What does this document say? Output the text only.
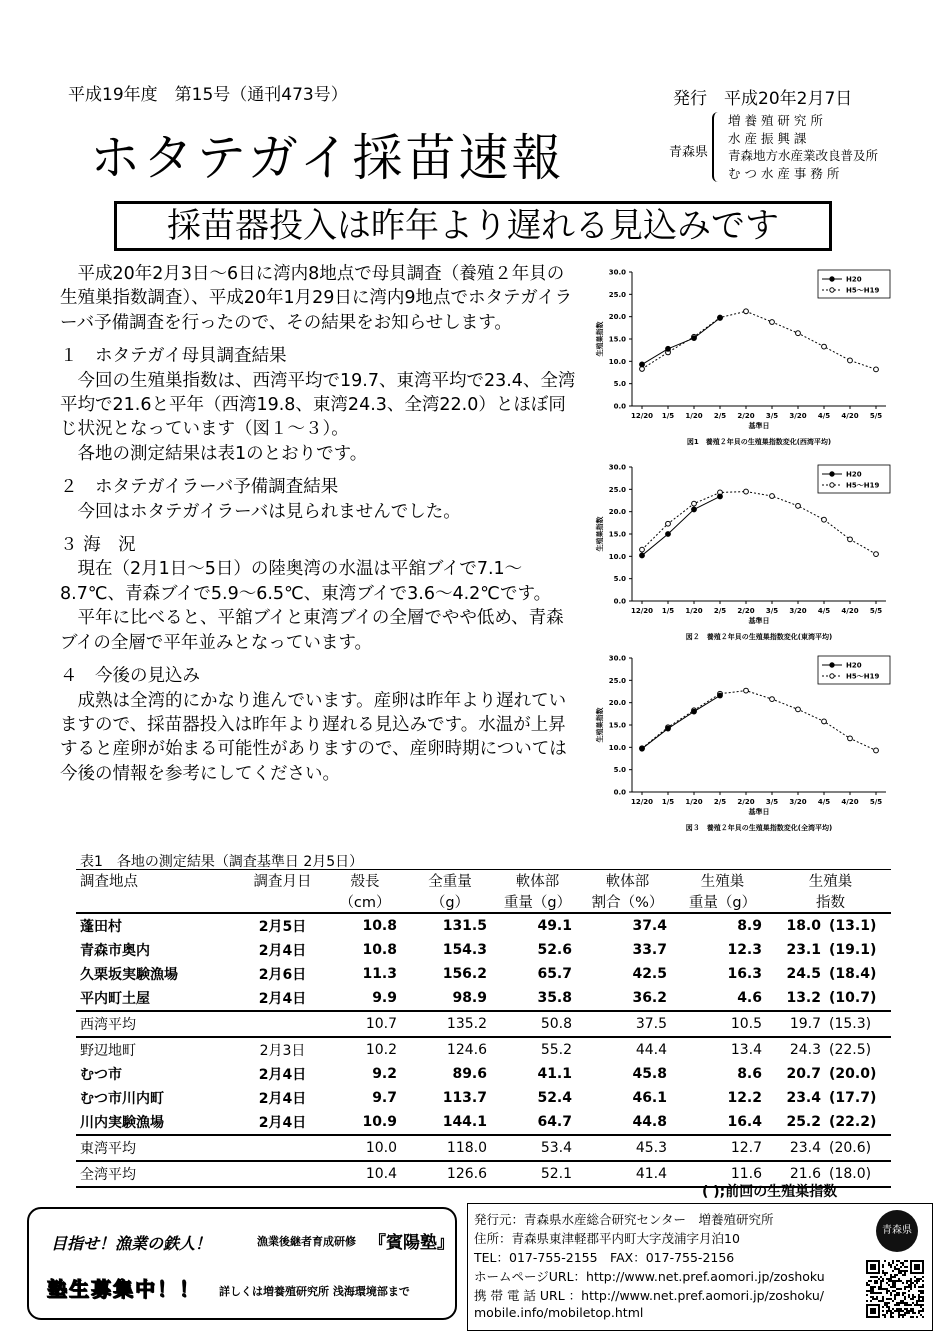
平成19年度　第15号（通刊473号）	発行　平成20年2月7日
ホタテガイ採苗速報	青森県
増 養 殖 研 究 所
水 産 振 興 課
青森地方水産業改良普及所
む つ 水 産 事 務 所
採苗器投入は昨年より遅れる見込みです

平成20年2月3日～6日に湾内8地点で母貝調査（養殖２年貝の生殖巣指数調査）、平成20年1月29日に湾内9地点でホタテガイラーバ予備調査を行ったので、その結果をお知らせします。

１　ホタテガイ母貝調査結果

今回の生殖巣指数は、西湾平均で19.7、東湾平均で23.4、全湾平均で21.6と平年（西湾19.8、東湾24.3、全湾22.0）とほぼ同じ状況となっています（図１～３）。

各地の測定結果は表1のとおりです。

２　ホタテガイラーバ予備調査結果

今回はホタテガイラーバは見られませんでした。

３ 海　況

現在（2月1日～5日）の陸奥湾の水温は平舘ブイで7.1～8.7℃、青森ブイで5.9～6.5℃、東湾ブイで3.6～4.2℃です。

平年に比べると、平舘ブイと東湾ブイの全層でやや低め、青森ブイの全層で平年並みとなっています。

４　今後の見込み

成熟は全湾的にかなり進んでいます。産卵は昨年より遅れていますので、採苗器投入は昨年より遅れる見込みです。水温が上昇すると産卵が始まる可能性がありますので、産卵時期については今後の情報を参考にしてください。

0.0
5.0
10.0
15.0
20.0
25.0
30.0
12/20 1/5 1/20 2/5 2/20 3/5 3/20 4/5 4/20 5/5
基準日
生殖巣指数
図1　養殖２年貝の生殖巣指数変化(西湾平均)
H20
H5～H19
0.0
5.0
10.0
15.0
20.0
25.0
30.0
12/20 1/5 1/20 2/5 2/20 3/5 3/20 4/5 4/20 5/5
基準日
生殖巣指数
図２　養殖２年貝の生殖巣指数変化(東湾平均)
H20
H5～H19
0.0
5.0
10.0
15.0
20.0
25.0
30.0
12/20 1/5 1/20 2/5 2/20 3/5 3/20 4/5 4/20 5/5
基準日
生殖巣指数
図３　養殖２年貝の生殖巣指数変化(全湾平均)
H20
H5～H19
表1　各地の測定結果（調査基準日 2月5日）
調査地点	調査月日	殻長	全重量	軟体部	軟体部	生殖巣	生殖巣	
		（cm）	（g）	重量（g）	割合（%）	重量（g）	指数	
蓬田村	2月5日	10.8	131.5	49.1	37.4	8.9	18.0	(13.1)
青森市奥内	2月4日	10.8	154.3	52.6	33.7	12.3	23.1	(19.1)
久栗坂実験漁場	2月6日	11.3	156.2	65.7	42.5	16.3	24.5	(18.4)
平内町土屋	2月4日	9.9	98.9	35.8	36.2	4.6	13.2	(10.7)
西湾平均		10.7	135.2	50.8	37.5	10.5	19.7	(15.3)
野辺地町	2月3日	10.2	124.6	55.2	44.4	13.4	24.3	(22.5)
むつ市	2月4日	9.2	89.6	41.1	45.8	8.6	20.7	(20.0)
むつ市川内町	2月4日	9.7	113.7	52.4	46.1	12.2	23.4	(17.7)
川内実験漁場	2月4日	10.9	144.1	64.7	44.8	16.4	25.2	(22.2)
東湾平均		10.0	118.0	53.4	45.3	12.7	23.4	(20.6)
全湾平均		10.4	126.6	52.1	41.4	11.6	21.6	(18.0)
( );前回の生殖巣指数
目指せ！漁業の鉄人！	漁業後継者育成研修 『賓陽塾』
塾生募集中！！ 詳しくは増養殖研究所 浅海環境部まで
発行元：青森県水産総合研究センター　増養殖研究所
住所：青森県東津軽郡平内町大字茂浦字月泊10
TEL：017-755-2155　FAX：017-755-2156
ホームページURL：http://www.net.pref.aomori.jp/zoshoku
携 帯 電 話 URL ：http://www.net.pref.aomori.jp/zoshoku/
mobile.info/mobiletop.html
青森県
